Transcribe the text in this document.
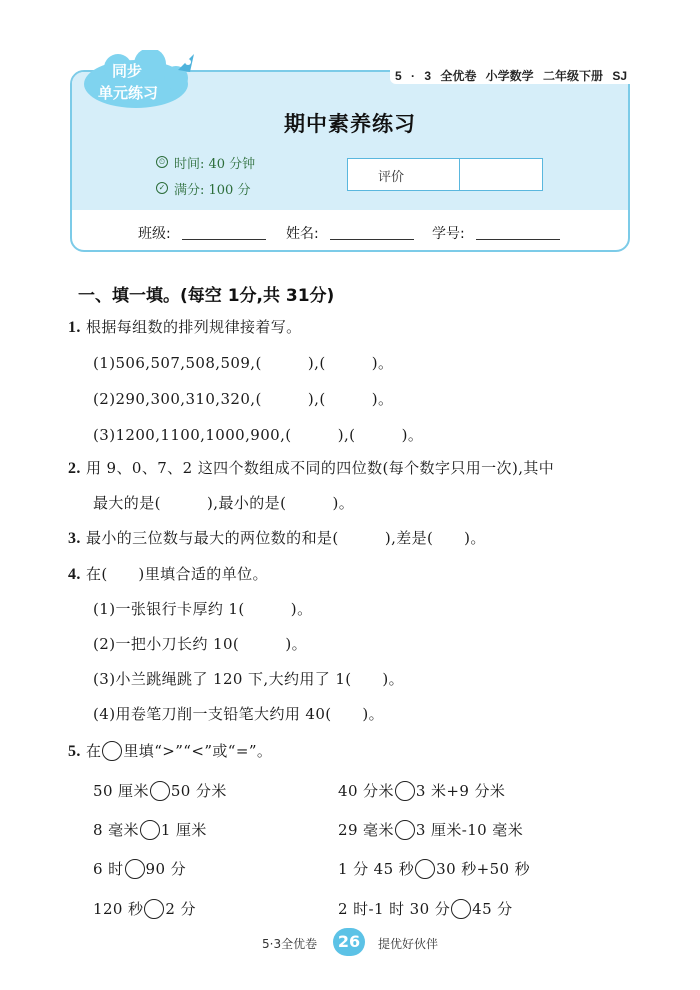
5 · 3 全优卷 小学数学 二年级下册 SJ
同步
单元练习
期中素养练习
⏲ 时间: 40 分钟
✓ 满分: 100 分
评价
班级:	姓名:	学号:
一、填一填。(每空 1分,共 31分)
1. 根据每组数的排列规律接着写。
(1)506,507,508,509,(　　　),(　　　)。
(2)290,300,310,320,(　　　),(　　　)。
(3)1200,1100,1000,900,(　　　),(　　　)。
2. 用 9、0、7、2 这四个数组成不同的四位数(每个数字只用一次),其中
最大的是(　　　),最小的是(　　　)。
3. 最小的三位数与最大的两位数的和是(　　　),差是(　　)。
4. 在(　　)里填合适的单位。
(1)一张银行卡厚约 1(　　　)。
(2)一把小刀长约 10(　　　)。
(3)小兰跳绳跳了 120 下,大约用了 1(　　)。
(4)用卷笔刀削一支铅笔大约用 40(　　)。
5. 在 里填“>”“<”或“=”。
50 厘米 50 分米	40 分米 3 米+9 分米
8 毫米 1 厘米	29 毫米 3 厘米-10 毫米
6 时 90 分	1 分 45 秒 30 秒+50 秒
120 秒 2 分	2 时-1 时 30 分 45 分
5·3全优卷	26	提优好伙伴
